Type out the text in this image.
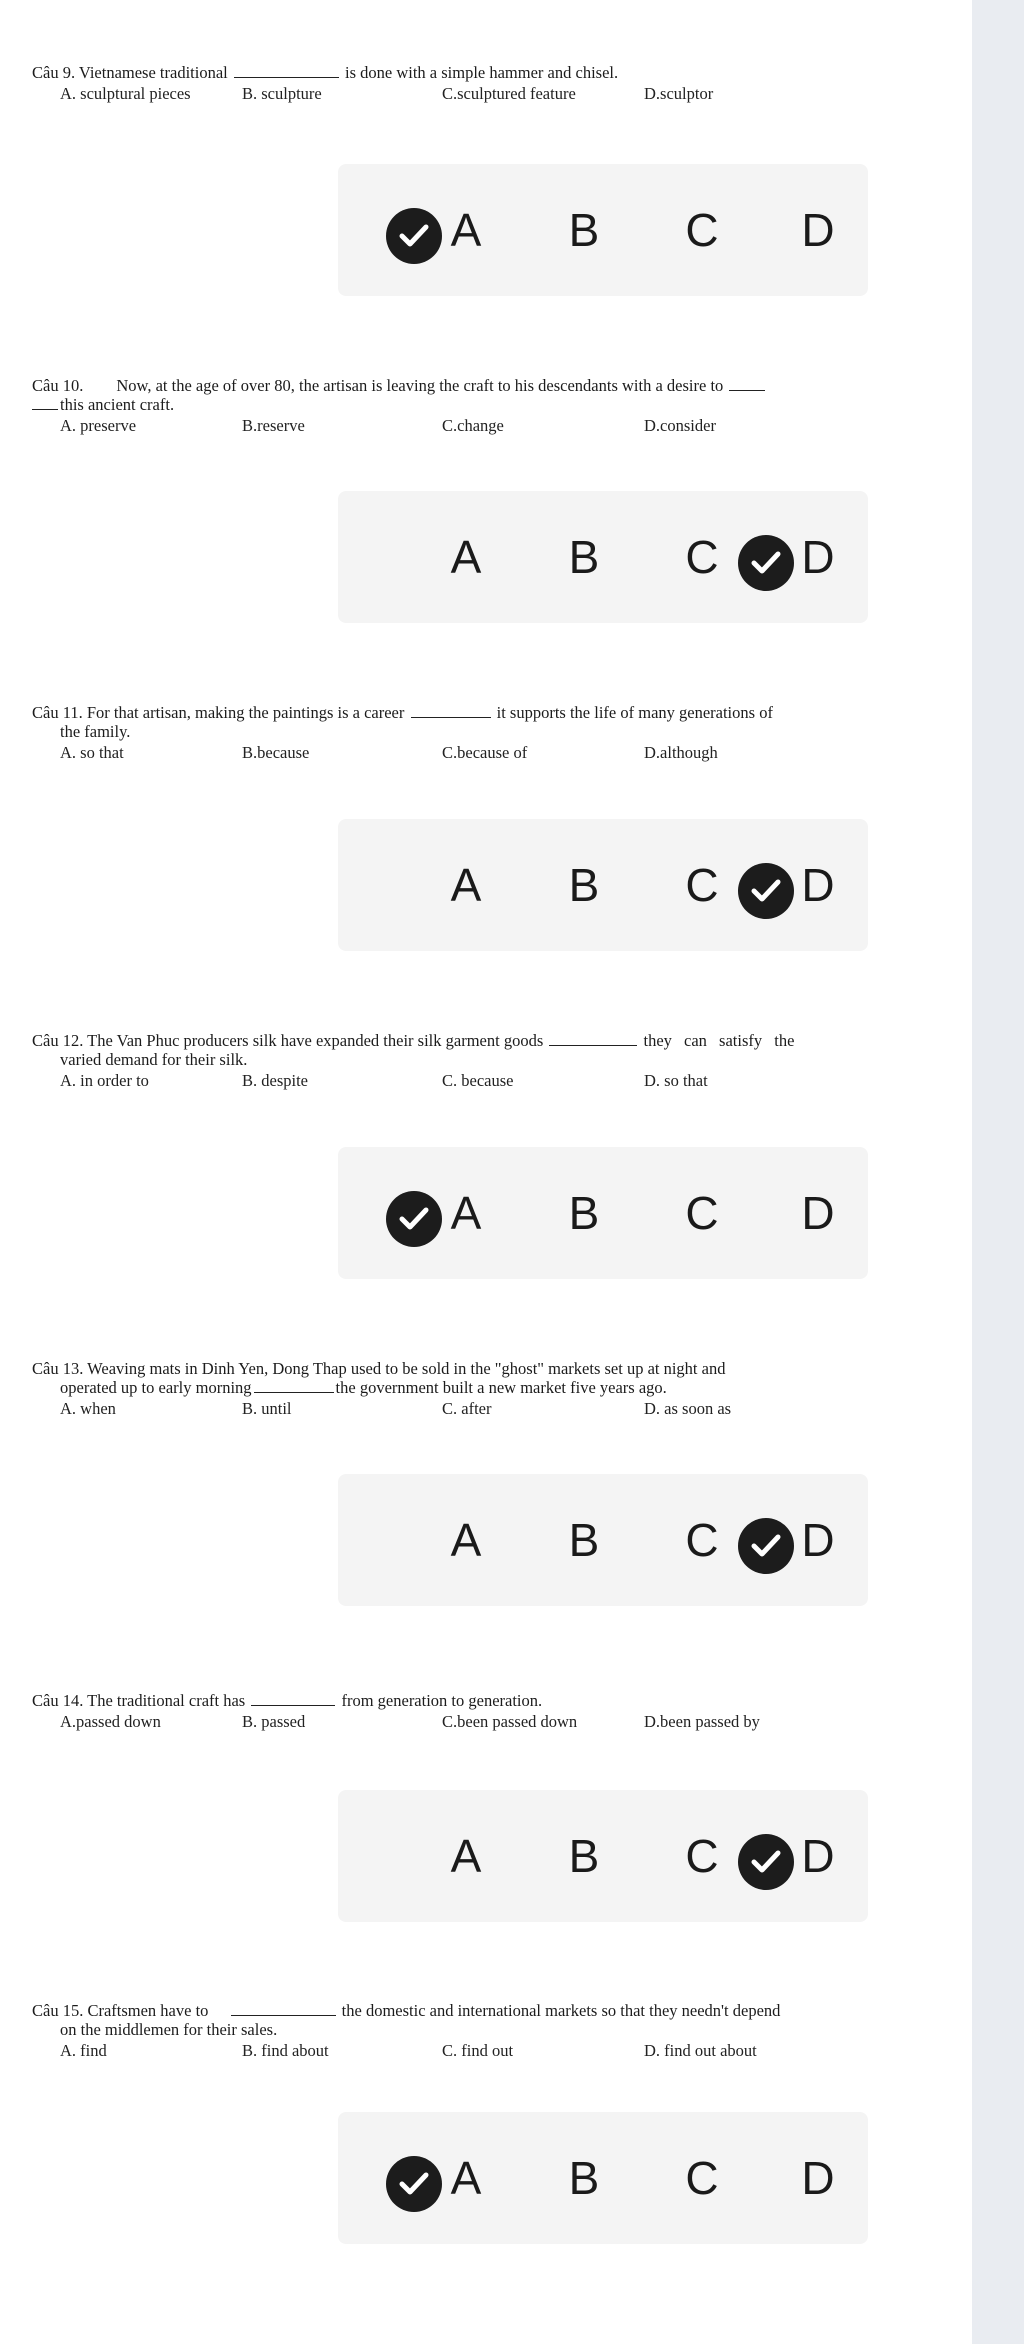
Câu 9. Vietnamese traditional	is done with a simple hammer and chisel.
A. sculptural pieces	B. sculpture	C.sculptured feature	D.sculptor
A	B	C D
Câu 10.        Now, at the age of over 80, the artisan is leaving the craft to his descendants with a desire to
this ancient craft.
A. preserve	B.reserve	C.change	D.consider
A	B	C D
Câu 11. For that artisan, making the paintings is a career	it supports the life of many generations of
the family.
A. so that	B.because	C.because of	D.although
A	B	C D
Câu 12. The Van Phuc producers silk have expanded their silk garment goods	they can satisfy the
varied demand for their silk.
A. in order to	B. despite	C. because	D. so that
A	B	C D
Câu 13. Weaving mats in Dinh Yen, Dong Thap used to be sold in the "ghost" markets set up at night and
operated up to early morning	the government built a new market five years ago.
A. when	B. until	C. after	D. as soon as
A	B	C D
Câu 14. The traditional craft has	from generation to generation.
A.passed down	B. passed	C.been passed down	D.been passed by
A	B	C D
Câu 15. Craftsmen have to	the domestic and international markets so that they needn't depend
on the middlemen for their sales.
A. find	B. find about	C. find out	D. find out about
A	B	C D
